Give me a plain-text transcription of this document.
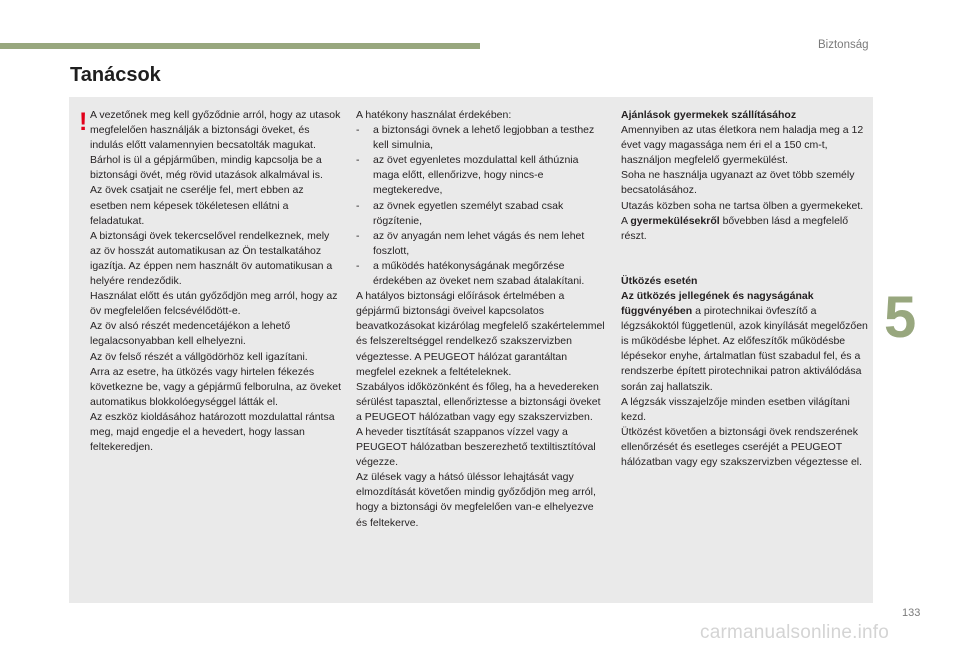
Biztonság
Tanácsok
! A vezetőnek meg kell győződnie arról, hogy az utasok megfelelően használják a biztonsági öveket, és indulás előtt valamennyien becsatolták magukat.

Bárhol is ül a gépjárműben, mindig kapcsolja be a biztonsági övét, még rövid utazások alkalmával is.

Az övek csatjait ne cserélje fel, mert ebben az esetben nem képesek tökéletesen ellátni a feladatukat.

A biztonsági övek tekercselővel rendelkeznek, mely az öv hosszát automatikusan az Ön testalkatához igazítja. Az éppen nem használt öv automatikusan a helyére rendeződik.

Használat előtt és után győződjön meg arról, hogy az öv megfelelően felcsévélődött-e.

Az öv alsó részét medencetájékon a lehető legalacsonyabban kell elhelyezni.

Az öv felső részét a vállgödörhöz kell igazítani.

Arra az esetre, ha ütközés vagy hirtelen fékezés következne be, vagy a gépjármű felborulna, az öveket automatikus blokkolóegységgel látták el.

Az eszköz kioldásához határozott mozdulattal rántsa meg, majd engedje el a hevedert, hogy lassan feltekeredjen.

A hatékony használat érdekében:

- a biztonsági övnek a lehető legjobban a testhez kell simulnia,

- az övet egyenletes mozdulattal kell áthúznia maga előtt, ellenőrizve, hogy nincs-e megtekeredve,

- az övnek egyetlen személyt szabad csak rögzítenie,

- az öv anyagán nem lehet vágás és nem lehet foszlott,

- a működés hatékonyságának megőrzése érdekében az öveket nem szabad átalakítani.

A hatályos biztonsági előírások értelmében a gépjármű biztonsági öveivel kapcsolatos beavatkozásokat kizárólag megfelelő szakértelemmel és felszereltséggel rendelkező szakszervizben végeztesse. A PEUGEOT hálózat garantáltan megfelel ezeknek a feltételeknek.

Szabályos időközönként és főleg, ha a hevedereken sérülést tapasztal, ellenőriztesse a biztonsági öveket a PEUGEOT hálózatban vagy egy szakszervizben.

A heveder tisztítását szappanos vízzel vagy a PEUGEOT hálózatban beszerezhető textiltisztítóval végezze.

Az ülések vagy a hátsó üléssor lehajtását vagy elmozdítását követően mindig győződjön meg arról, hogy a biztonsági öv megfelelően van-e elhelyezve és feltekerve.

Ajánlások gyermekek szállításához

Amennyiben az utas életkora nem haladja meg a 12 évet vagy magassága nem éri el a 150 cm-t, használjon megfelelő gyermekülést.

Soha ne használja ugyanazt az övet több személy becsatolásához.

Utazás közben soha ne tartsa ölben a gyermekeket.

A gyermekülésekről bővebben lásd a megfelelő részt.

Ütközés esetén

Az ütközés jellegének és nagyságának függvényében a pirotechnikai övfeszítő a légzsákoktól függetlenül, azok kinyílását megelőzően is működésbe léphet. Az előfeszítők működésbe lépésekor enyhe, ártalmatlan füst szabadul fel, és a rendszerbe épített pirotechnikai patron aktiválódása során zaj hallatszik.

A légzsák visszajelzője minden esetben világítani kezd.

Ütközést követően a biztonsági övek rendszerének ellenőrzését és esetleges cseréjét a PEUGEOT hálózatban vagy egy szakszervizben végeztesse el.

5
133
carmanualsonline.info
